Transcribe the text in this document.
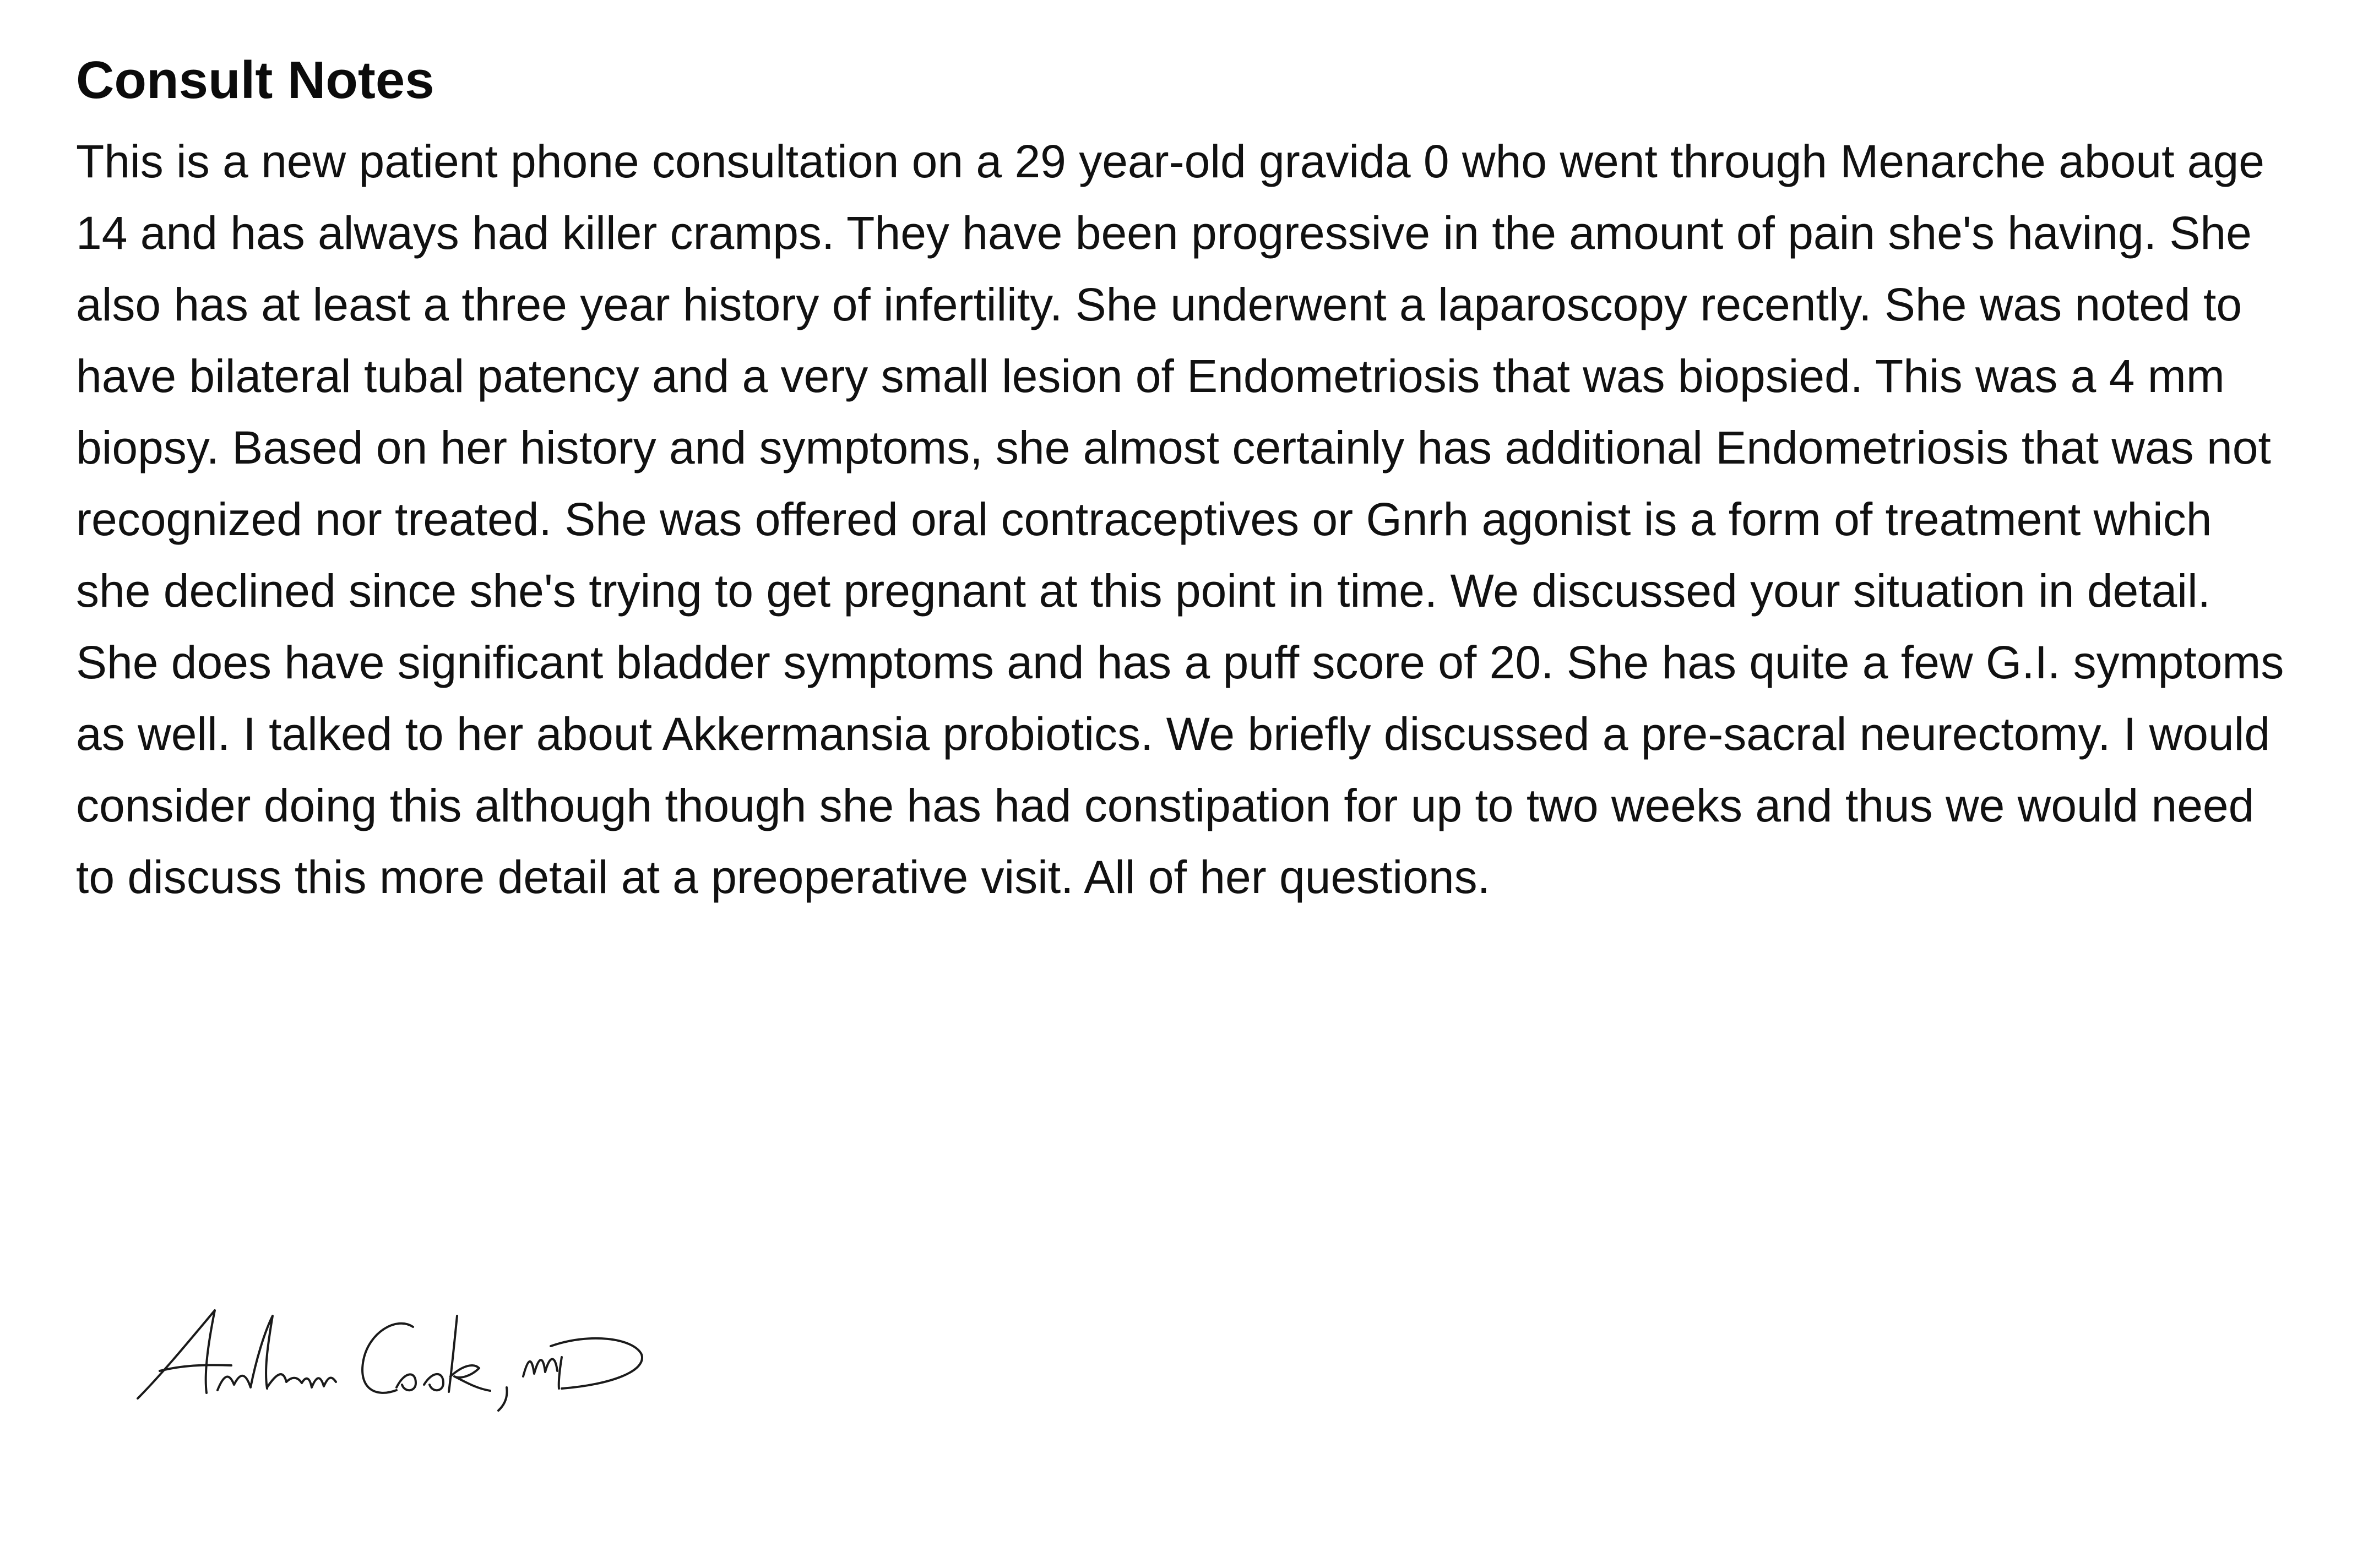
Consult Notes
This is a new patient phone consultation on a 29 year-old gravida 0 who went through Menarche about age
14 and has always had killer cramps. They have been progressive in the amount of pain she's having. She
also has at least a three year history of infertility. She underwent a laparoscopy recently. She was noted to
have bilateral tubal patency and a very small lesion of Endometriosis that was biopsied. This was a 4 mm
biopsy. Based on her history and symptoms, she almost certainly has additional Endometriosis that was not
recognized nor treated. She was offered oral contraceptives or Gnrh agonist is a form of treatment which
she declined since she's trying to get pregnant at this point in time. We discussed your situation in detail.
She does have significant bladder symptoms and has a puff score of 20. She has quite a few G.I. symptoms
as well. I talked to her about Akkermansia probiotics. We briefly discussed a pre-sacral neurectomy. I would
consider doing this although though she has had constipation for up to two weeks and thus we would need
to discuss this more detail at a preoperative visit. All of her questions.
